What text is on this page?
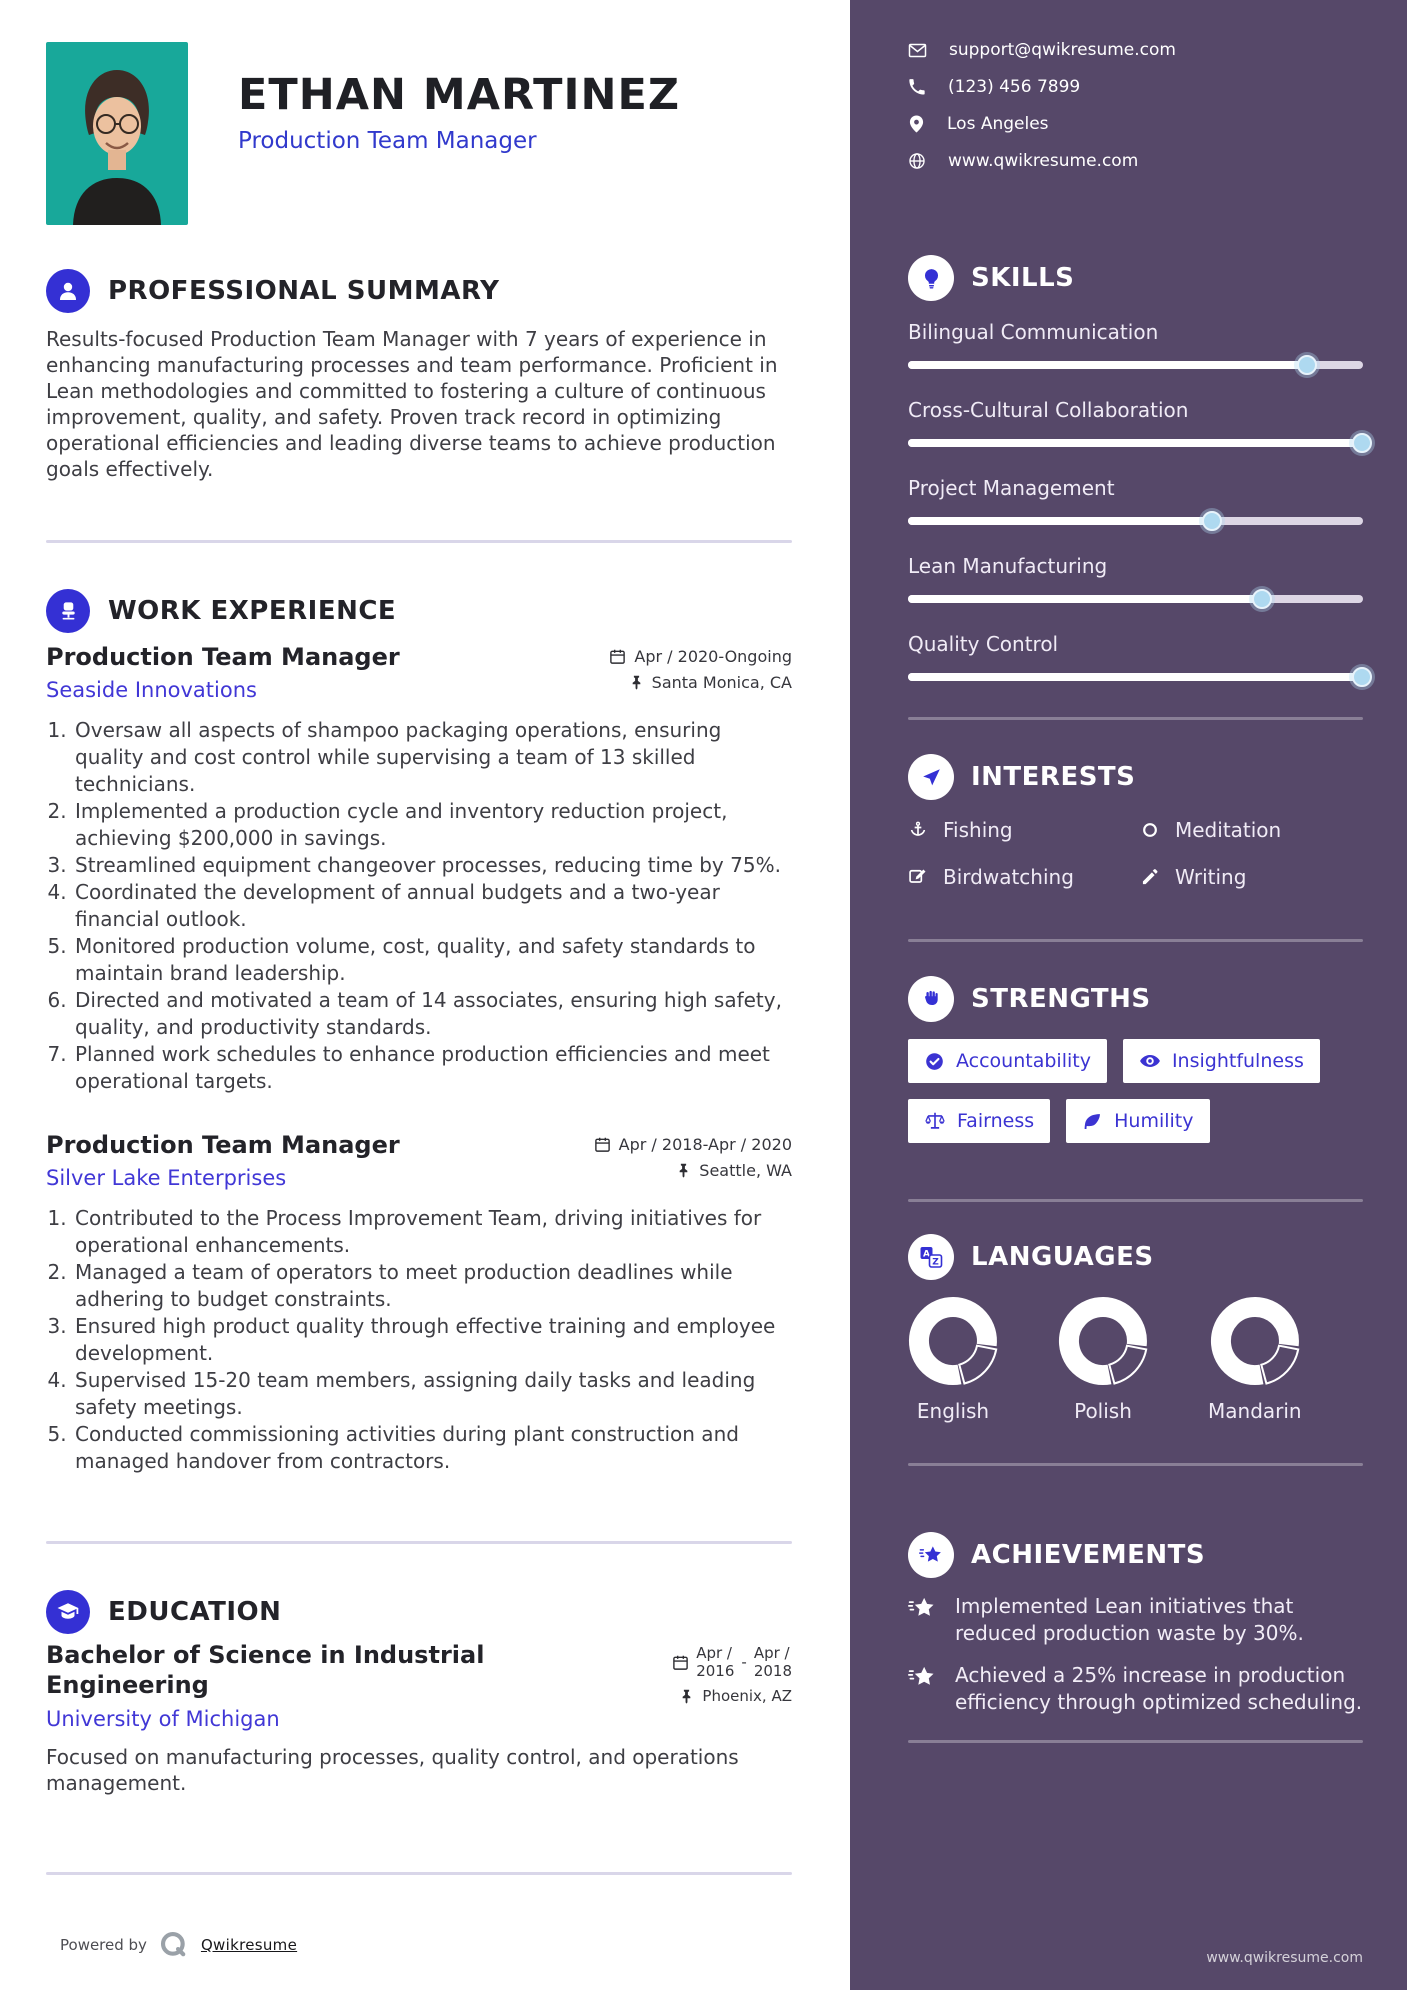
ETHAN MARTINEZ
Production Team Manager
PROFESSIONAL SUMMARY

Results-focused Production Team Manager with 7 years of experience in enhancing manufacturing processes and team performance. Proficient in Lean methodologies and committed to fostering a culture of continuous improvement, quality, and safety. Proven track record in optimizing operational efficiencies and leading diverse teams to achieve production goals effectively.

WORK EXPERIENCE
Production Team Manager
Seaside Innovations
Apr / 2020-Ongoing
Santa Monica, CA
1. Oversaw all aspects of shampoo packaging operations, ensuring quality and cost control while supervising a team of 13 skilled technicians.
2. Implemented a production cycle and inventory reduction project, achieving $200,000 in savings.
3. Streamlined equipment changeover processes, reducing time by 75%.
4. Coordinated the development of annual budgets and a two-year financial outlook.
5. Monitored production volume, cost, quality, and safety standards to maintain brand leadership.
6. Directed and motivated a team of 14 associates, ensuring high safety, quality, and productivity standards.
7. Planned work schedules to enhance production efficiencies and meet operational targets.
Production Team Manager
Silver Lake Enterprises
Apr / 2018-Apr / 2020
Seattle, WA
1. Contributed to the Process Improvement Team, driving initiatives for operational enhancements.
2. Managed a team of operators to meet production deadlines while adhering to budget constraints.
3. Ensured high product quality through effective training and employee development.
4. Supervised 15-20 team members, assigning daily tasks and leading safety meetings.
5. Conducted commissioning activities during plant construction and managed handover from contractors.
EDUCATION
Bachelor of Science in Industrial Engineering
University of Michigan
Apr /
2016 - Apr /
2018
Phoenix, AZ

Focused on manufacturing processes, quality control, and operations management.

Powered by	Qwikresume
support@qwikresume.com
(123) 456 7899
Los Angeles
www.qwikresume.com
SKILLS
Bilingual Communication
Cross-Cultural Collaboration
Project Management
Lean Manufacturing
Quality Control
INTERESTS
Fishing	Meditation
Birdwatching	Writing
STRENGTHS
Accountability	Insightfulness
Fairness	Humility
A
Z LANGUAGES
English	Polish	Mandarin
ACHIEVEMENTS
Implemented Lean initiatives that reduced production waste by 30%.
Achieved a 25% increase in production efficiency through optimized scheduling.
www.qwikresume.com
